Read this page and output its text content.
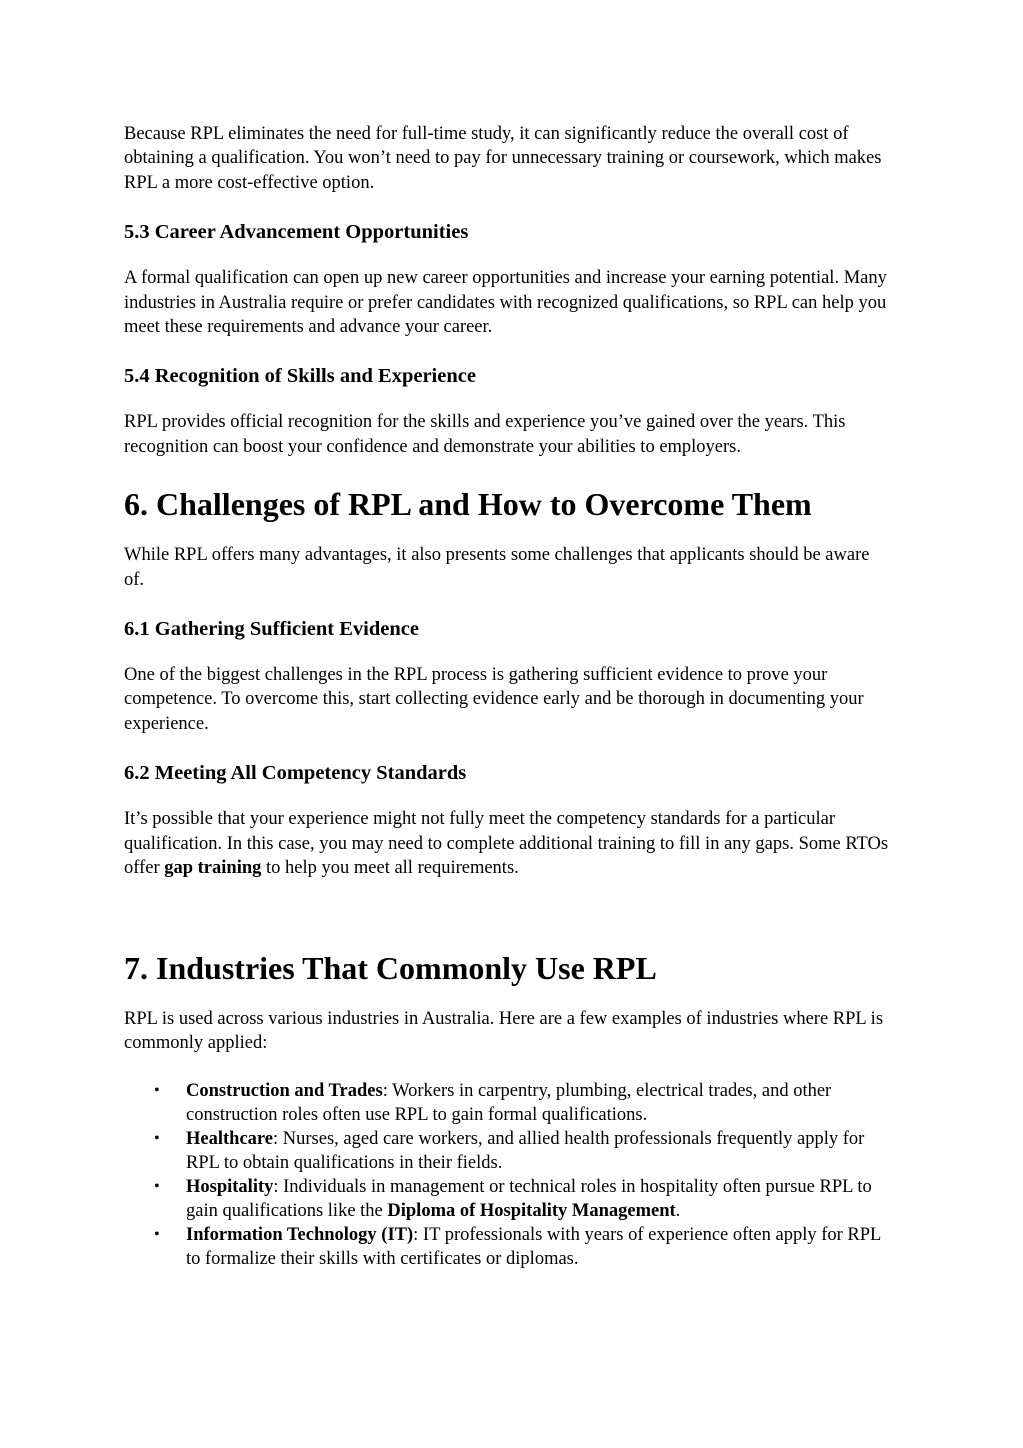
Because RPL eliminates the need for full-time study, it can significantly reduce the overall cost of obtaining a qualification. You won’t need to pay for unnecessary training or coursework, which makes RPL a more cost-effective option.

5.3 Career Advancement Opportunities

A formal qualification can open up new career opportunities and increase your earning potential. Many industries in Australia require or prefer candidates with recognized qualifications, so RPL can help you meet these requirements and advance your career.

5.4 Recognition of Skills and Experience

RPL provides official recognition for the skills and experience you’ve gained over the years. This recognition can boost your confidence and demonstrate your abilities to employers.

6. Challenges of RPL and How to Overcome Them

While RPL offers many advantages, it also presents some challenges that applicants should be aware of.

6.1 Gathering Sufficient Evidence

One of the biggest challenges in the RPL process is gathering sufficient evidence to prove your competence. To overcome this, start collecting evidence early and be thorough in documenting your experience.

6.2 Meeting All Competency Standards

It’s possible that your experience might not fully meet the competency standards for a particular qualification. In this case, you may need to complete additional training to fill in any gaps. Some RTOs offer gap training to help you meet all requirements.

7. Industries That Commonly Use RPL

RPL is used across various industries in Australia. Here are a few examples of industries where RPL is commonly applied:

• Construction and Trades: Workers in carpentry, plumbing, electrical trades, and other construction roles often use RPL to gain formal qualifications.
• Healthcare: Nurses, aged care workers, and allied health professionals frequently apply for RPL to obtain qualifications in their fields.
• Hospitality: Individuals in management or technical roles in hospitality often pursue RPL to gain qualifications like the Diploma of Hospitality Management.
• Information Technology (IT): IT professionals with years of experience often apply for RPL to formalize their skills with certificates or diplomas.
